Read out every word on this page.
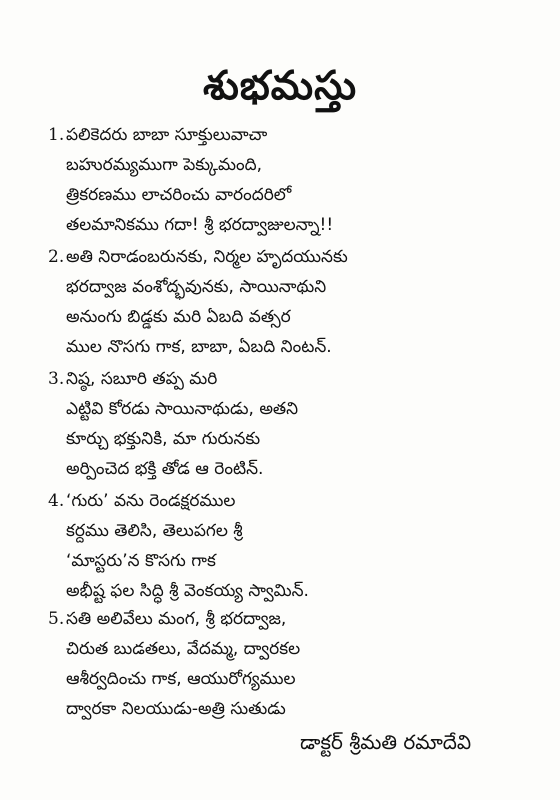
శుభమస్తు
1. పలికెదరు బాబా సూక్తులువాచా
బహురమ్యముగా పెక్కుమంది,
త్రికరణము లాచరించు వారందరిలో
తలమానికము గదా! శ్రీ భరద్వాజులన్నా!!
2. అతి నిరాడంబరునకు, నిర్మల హృదయునకు
భరద్వాజ వంశోద్భవునకు, సాయినాథుని
అనుంగు బిడ్డకు మరి ఏబది వత్సర
ముల నొసగు గాక, బాబా, ఏబది నింటన్.
3. నిష్ఠ, సబూరి తప్ప మరి
ఎట్టివి కోరడు సాయినాథుడు, అతని
కూర్చు భక్తునికి, మా గురునకు
అర్పించెద భక్తి తోడ ఆ రెంటిన్.
4. ‘గురు’ వను రెండక్షరముల
కర్దము తెలిసి, తెలుపగల శ్రీ
‘మాస్టరు’న కొసగు గాక
అభీష్ట ఫల సిద్ధి శ్రీ వెంకయ్య స్వామిన్.
5. సతి అలివేలు మంగ, శ్రీ భరద్వాజ,
చిరుత బుడతలు, వేదమ్మ, ద్వారకల
ఆశీర్వదించు గాక, ఆయురోగ్యముల
ద్వారకా నిలయుడు-అత్రి సుతుడు
డాక్టర్ శ్రీమతి రమాదేవి
